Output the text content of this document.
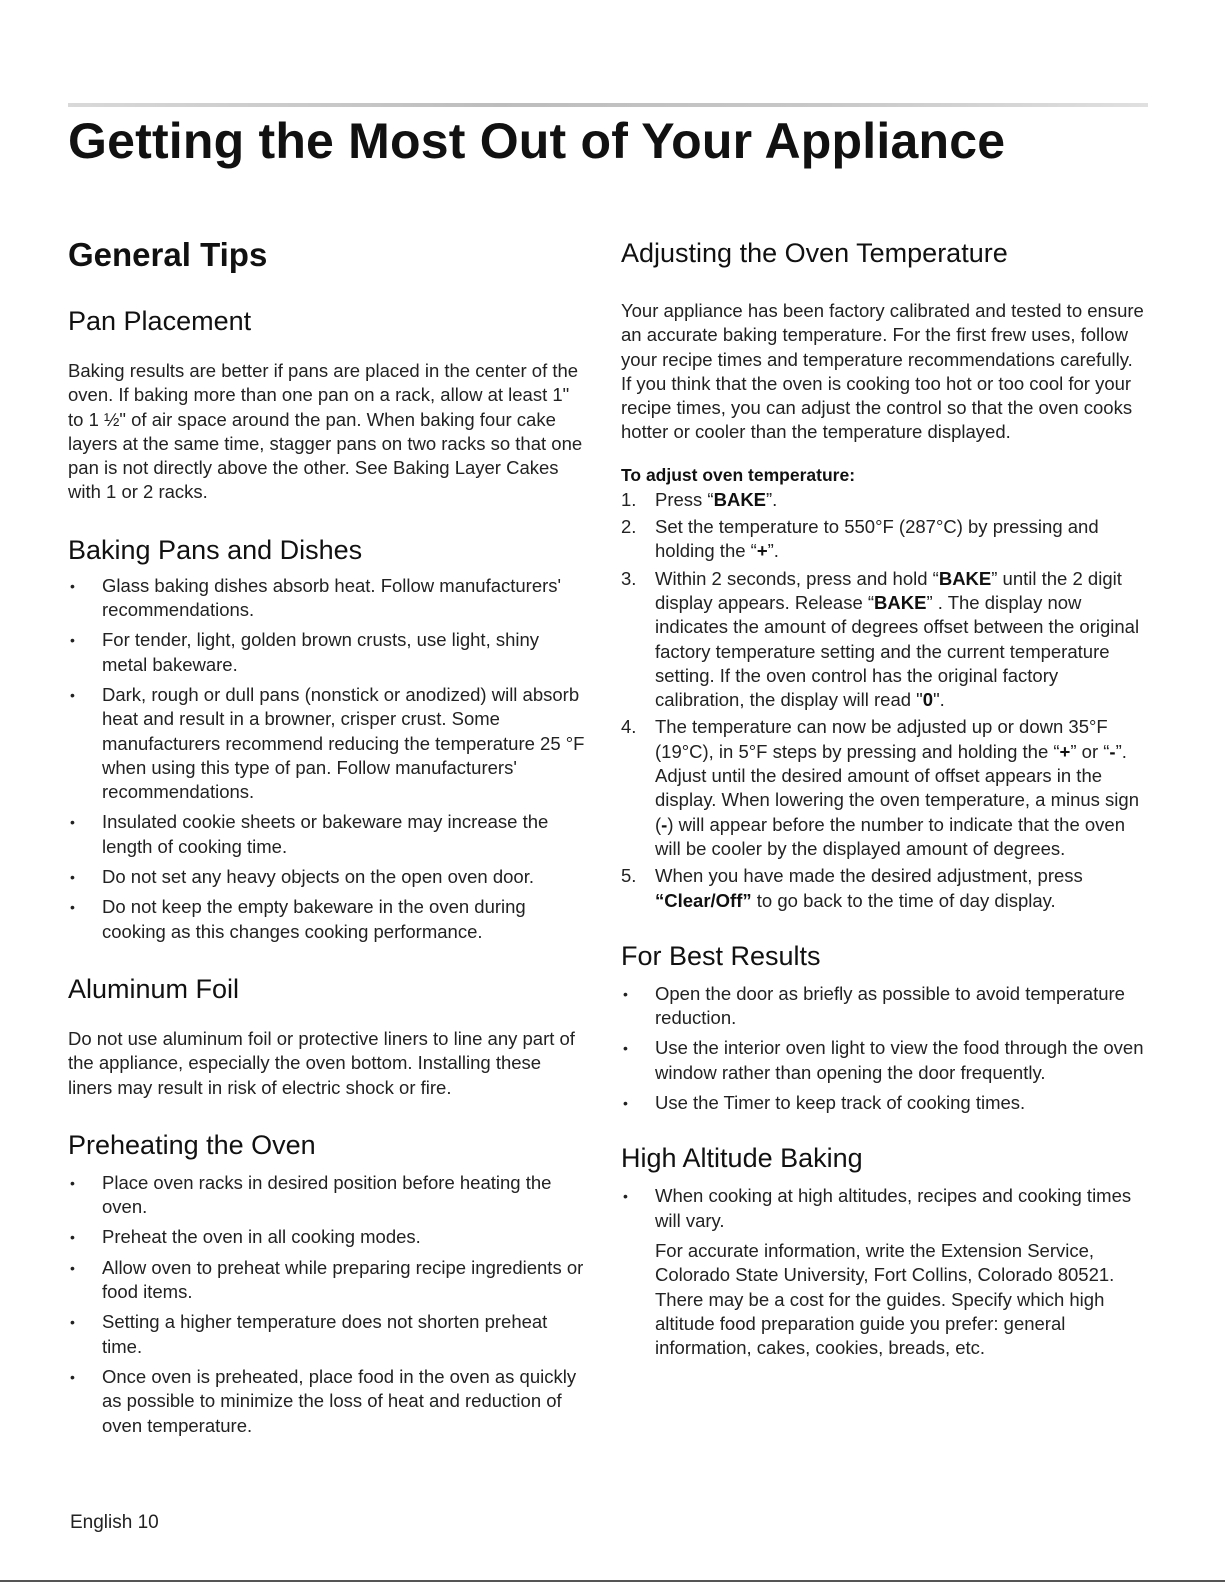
Getting the Most Out of Your Appliance
General Tips
Pan Placement

Baking results are better if pans are placed in the center of the oven. If baking more than one pan on a rack, allow at least 1" to 1 ½" of air space around the pan. When baking four cake layers at the same time, stagger pans on two racks so that one pan is not directly above the other. See Baking Layer Cakes with 1 or 2 racks.

Baking Pans and Dishes
• Glass baking dishes absorb heat. Follow manufacturers' recommendations.
• For tender, light, golden brown crusts, use light, shiny metal bakeware.
• Dark, rough or dull pans (nonstick or anodized) will absorb heat and result in a browner, crisper crust. Some manufacturers recommend reducing the temperature 25 °F when using this type of pan. Follow manufacturers' recommendations.
• Insulated cookie sheets or bakeware may increase the length of cooking time.
• Do not set any heavy objects on the open oven door.
• Do not keep the empty bakeware in the oven during cooking as this changes cooking performance.
Aluminum Foil

Do not use aluminum foil or protective liners to line any part of the appliance, especially the oven bottom. Installing these liners may result in risk of electric shock or fire.

Preheating the Oven
• Place oven racks in desired position before heating the oven.
• Preheat the oven in all cooking modes.
• Allow oven to preheat while preparing recipe ingredients or food items.
• Setting a higher temperature does not shorten preheat time.
• Once oven is preheated, place food in the oven as quickly as possible to minimize the loss of heat and reduction of oven temperature.
Adjusting the Oven Temperature

Your appliance has been factory calibrated and tested to ensure an accurate baking temperature. For the first frew uses, follow your recipe times and temperature recommendations carefully. If you think that the oven is cooking too hot or too cool for your recipe times, you can adjust the control so that the oven cooks hotter or cooler than the temperature displayed.

To adjust oven temperature:

1. Press “BAKE”.
2. Set the temperature to 550°F (287°C) by pressing and holding the “+”.
3. Within 2 seconds, press and hold “BAKE” until the 2 digit display appears. Release “BAKE” . The display now indicates the amount of degrees offset between the original factory temperature setting and the current temperature setting. If the oven control has the original factory calibration, the display will read "0".
4. The temperature can now be adjusted up or down 35°F (19°C), in 5°F steps by pressing and holding the “+” or “-”. Adjust until the desired amount of offset appears in the display. When lowering the oven temperature, a minus sign (-) will appear before the number to indicate that the oven will be cooler by the displayed amount of degrees.
5. When you have made the desired adjustment, press “Clear/Off” to go back to the time of day display.
For Best Results
• Open the door as briefly as possible to avoid temperature reduction.
• Use the interior oven light to view the food through the oven window rather than opening the door frequently.
• Use the Timer to keep track of cooking times.
High Altitude Baking
• When cooking at high altitudes, recipes and cooking times will vary.

For accurate information, write the Extension Service, Colorado State University, Fort Collins, Colorado 80521. There may be a cost for the guides. Specify which high altitude food preparation guide you prefer: general information, cakes, cookies, breads, etc.

English 10
